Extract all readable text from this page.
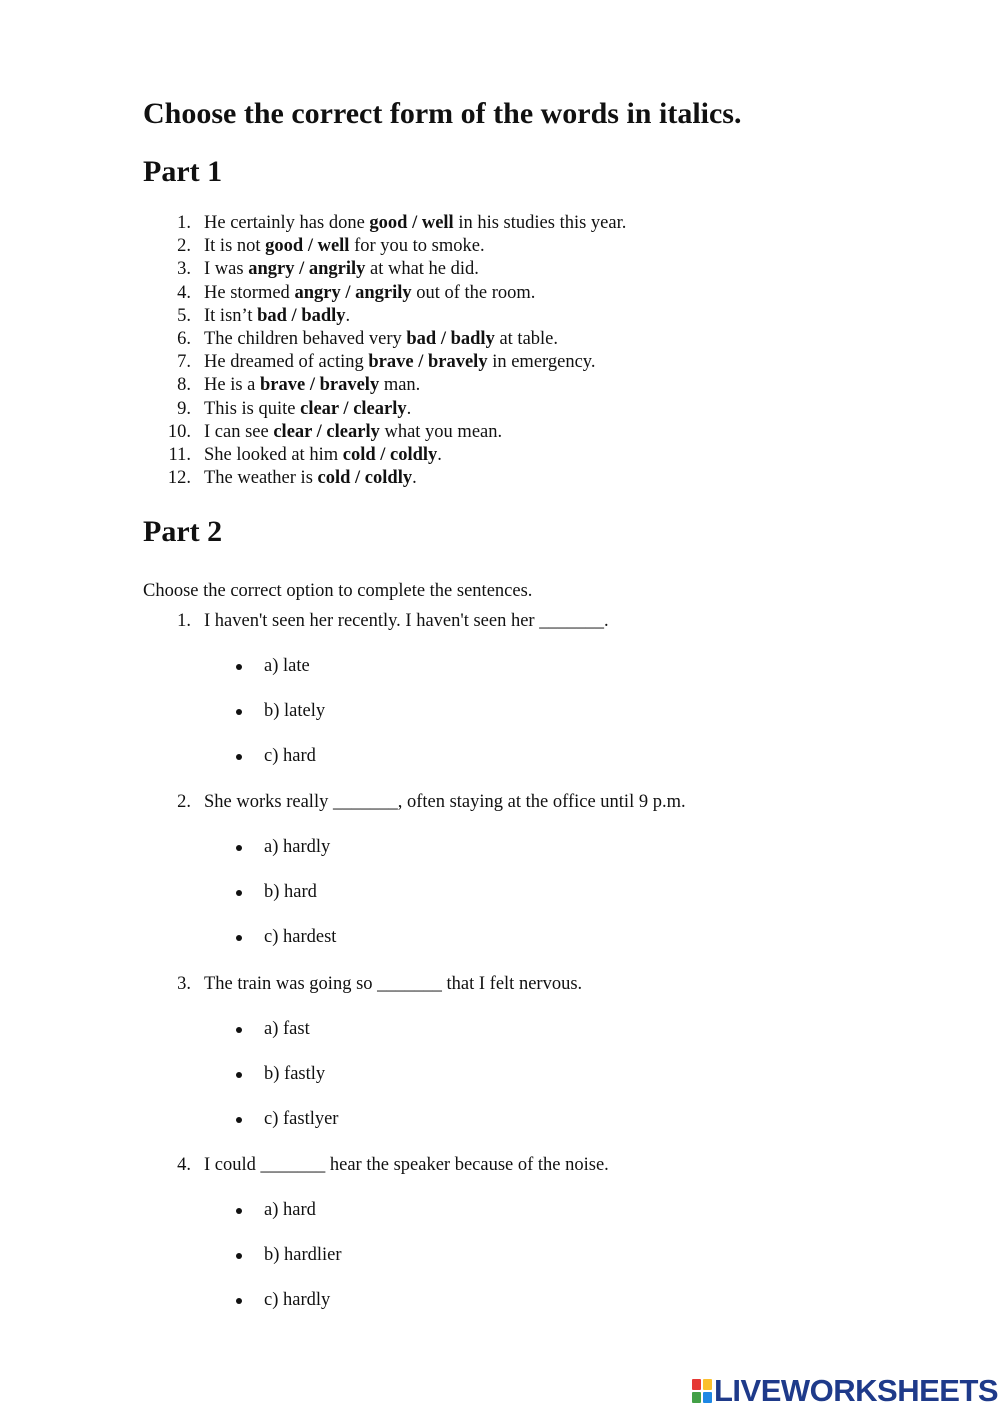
Choose the correct form of the words in italics.
Part 1
1. He certainly has done good / well in his studies this year.
2. It is not good / well for you to smoke.
3. I was angry / angrily at what he did.
4. He stormed angry / angrily out of the room.
5. It isn’t bad / badly.
6. The children behaved very bad / badly at table.
7. He dreamed of acting brave / bravely in emergency.
8. He is a brave / bravely man.
9. This is quite clear / clearly.
10. I can see clear / clearly what you mean.
11. She looked at him cold / coldly.
12. The weather is cold / coldly.
Part 2

Choose the correct option to complete the sentences.

1. I haven't seen her recently. I haven't seen her _______.
a) late
b) lately
c) hard
2. She works really _______, often staying at the office until 9 p.m.
a) hardly
b) hard
c) hardest
3. The train was going so _______ that I felt nervous.
a) fast
b) fastly
c) fastlyer
4. I could _______ hear the speaker because of the noise.
a) hard
b) hardlier
c) hardly
LIVEWORKSHEETS
